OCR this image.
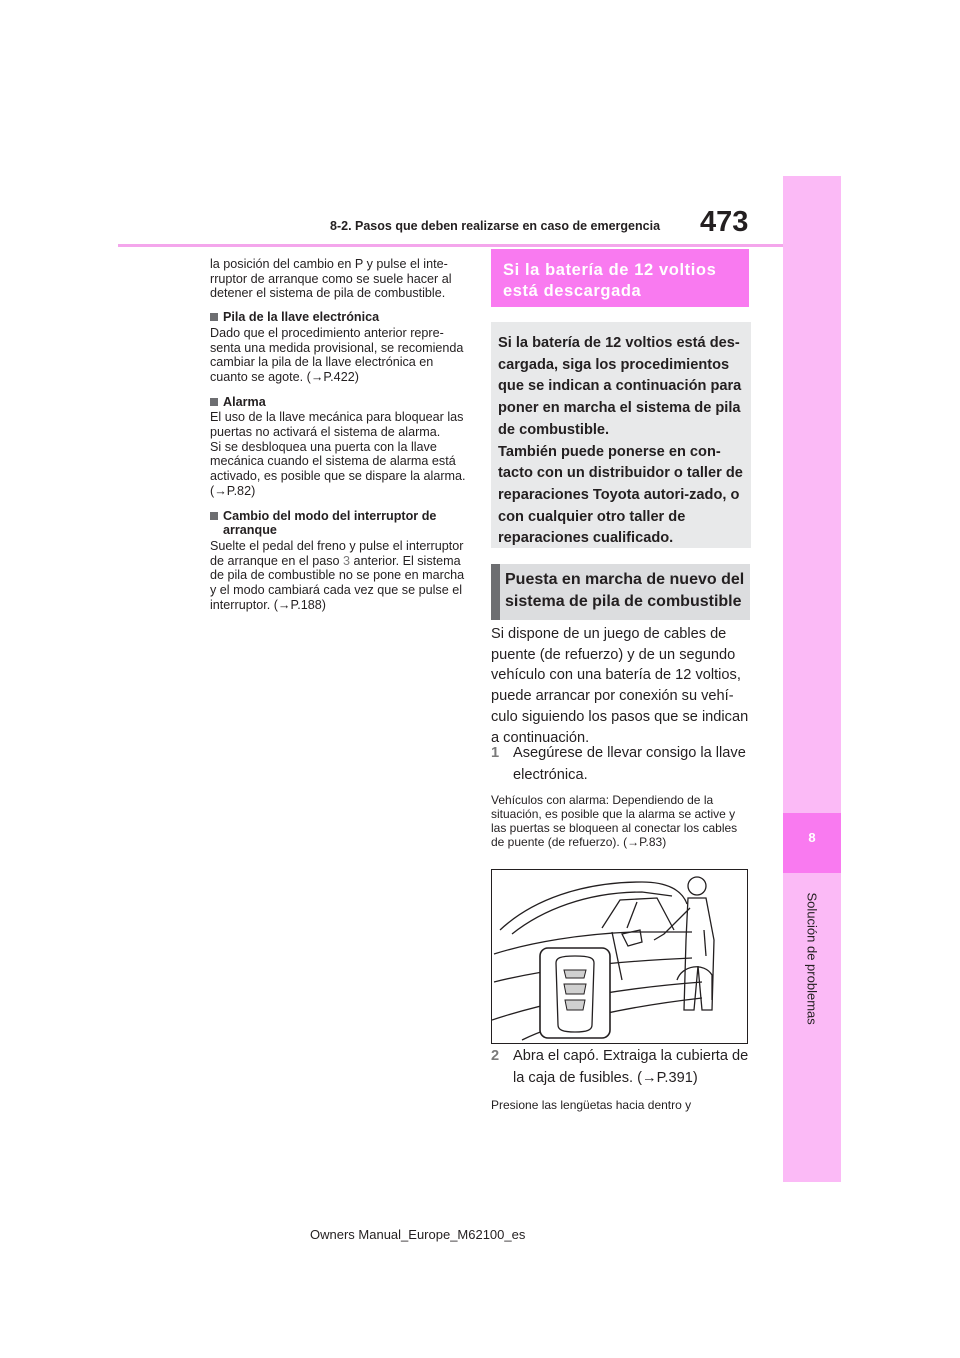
8-2. Pasos que deben realizarse en caso de emergencia 473
8
Solución de problemas

la posición del cambio en P y pulse el inte-rruptor de arranque como se suele hacer al detener el sistema de pila de combustible.

Pila de la llave electrónica
Dado que el procedimiento anterior repre-senta una medida provisional, se recomienda cambiar la pila de la llave electrónica en cuanto se agote. (→P.422)
Alarma
El uso de la llave mecánica para bloquear las puertas no activará el sistema de alarma.
Si se desbloquea una puerta con la llave mecánica cuando el sistema de alarma está activado, es posible que se dispare la alarma. (→P.82)
Cambio del modo del interruptor de arranque
Suelte el pedal del freno y pulse el interruptor de arranque en el paso 3 anterior. El sistema de pila de combustible no se pone en marcha y el modo cambiará cada vez que se pulse el interruptor. (→P.188)
Si la batería de 12 voltios está descargada
Si la batería de 12 voltios está des-cargada, siga los procedimientos que se indican a continuación para poner en marcha el sistema de pila de combustible.
También puede ponerse en con-tacto con un distribuidor o taller de reparaciones Toyota autori-zado, o con cualquier otro taller de reparaciones cualificado.
Puesta en marcha de nuevo del sistema de pila de combustible
Si dispone de un juego de cables de puente (de refuerzo) y de un segundo vehículo con una batería de 12 voltios, puede arrancar por conexión su vehí-culo siguiendo los pasos que se indican a continuación.
1 Asegúrese de llevar consigo la llave electrónica.
Vehículos con alarma: Dependiendo de la situación, es posible que la alarma se active y las puertas se bloqueen al conectar los cables de puente (de refuerzo). (→P.83)
2 Abra el capó. Extraiga la cubierta de la caja de fusibles. (→P.391)
Presione las lengüetas hacia dentro y
Owners Manual_Europe_M62100_es
